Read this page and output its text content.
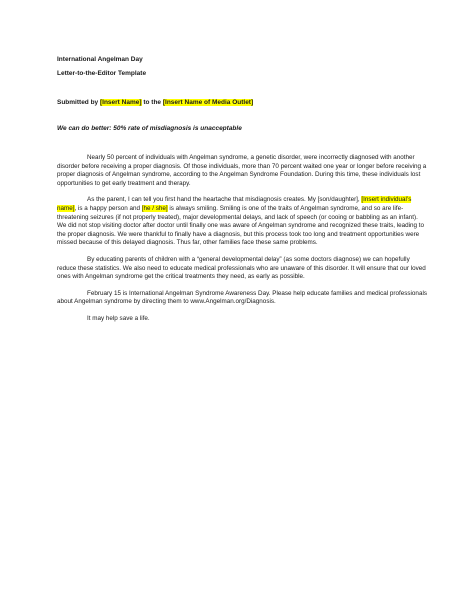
International Angelman Day
Letter-to-the-Editor Template
Submitted by [Insert Name] to the [Insert Name of Media Outlet]
We can do better: 50% rate of misdiagnosis is unacceptable

Nearly 50 percent of individuals with Angelman syndrome, a genetic disorder, were incorrectly diagnosed with another disorder before receiving a proper diagnosis. Of those individuals, more than 70 percent waited one year or longer before receiving a proper diagnosis of Angelman syndrome, according to the Angelman Syndrome Foundation. During this time, these individuals lost opportunities to get early treatment and therapy.

As the parent, I can tell you first hand the heartache that misdiagnosis creates. My [son/daughter], [Insert individual’s name], is a happy person and [he / she] is always smiling. Smiling is one of the traits of Angelman syndrome, and so are life-threatening seizures (if not properly treated), major developmental delays, and lack of speech (or cooing or babbling as an infant). We did not stop visiting doctor after doctor until finally one was aware of Angelman syndrome and recognized these traits, leading to the proper diagnosis. We were thankful to finally have a diagnosis, but this process took too long and treatment opportunities were missed because of this delayed diagnosis. Thus far, other families face these same problems.

By educating parents of children with a “general developmental delay” (as some doctors diagnose) we can hopefully reduce these statistics. We also need to educate medical professionals who are unaware of this disorder. It will ensure that our loved ones with Angelman syndrome get the critical treatments they need, as early as possible.

February 15 is International Angelman Syndrome Awareness Day. Please help educate families and medical professionals about Angelman syndrome by directing them to www.Angelman.org/Diagnosis.

It may help save a life.
